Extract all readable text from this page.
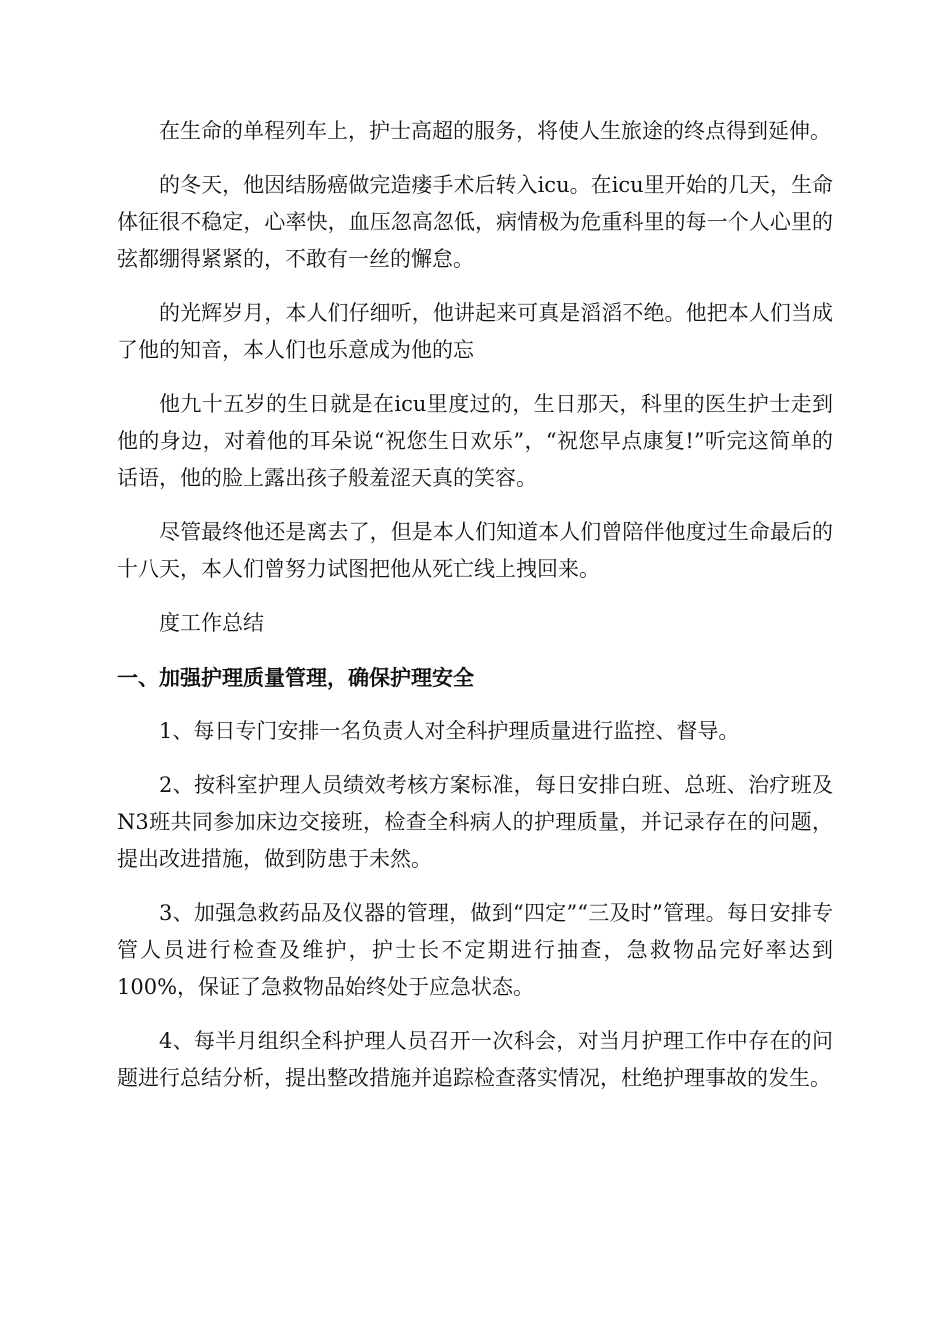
在生命的单程列车上，护士高超的服务，将使人生旅途的终点得到延伸。

的冬天，他因结肠癌做完造瘘手术后转入icu。在icu里开始的几天，生命体征很不稳定，心率快，血压忽高忽低，病情极为危重科里的每一个人心里的弦都绷得紧紧的，不敢有一丝的懈怠。

的光辉岁月，本人们仔细听，他讲起来可真是滔滔不绝。他把本人们当成了他的知音，本人们也乐意成为他的忘

他九十五岁的生日就是在icu里度过的，生日那天，科里的医生护士走到他的身边，对着他的耳朵说“祝您生日欢乐”，“祝您早点康复!”听完这简单的话语，他的脸上露出孩子般羞涩天真的笑容。

尽管最终他还是离去了，但是本人们知道本人们曾陪伴他度过生命最后的十八天，本人们曾努力试图把他从死亡线上拽回来。

度工作总结

一、加强护理质量管理，确保护理安全

1、每日专门安排一名负责人对全科护理质量进行监控、督导。

2、按科室护理人员绩效考核方案标准，每日安排白班、总班、治疗班及N3班共同参加床边交接班，检查全科病人的护理质量，并记录存在的问题，提出改进措施，做到防患于未然。

3、加强急救药品及仪器的管理，做到“四定”“三及时”管理。每日安排专管人员进行检查及维护，护士长不定期进行抽查，急救物品完好率达到100%，保证了急救物品始终处于应急状态。

4、每半月组织全科护理人员召开一次科会，对当月护理工作中存在的问题进行总结分析，提出整改措施并追踪检查落实情况，杜绝护理事故的发生。
